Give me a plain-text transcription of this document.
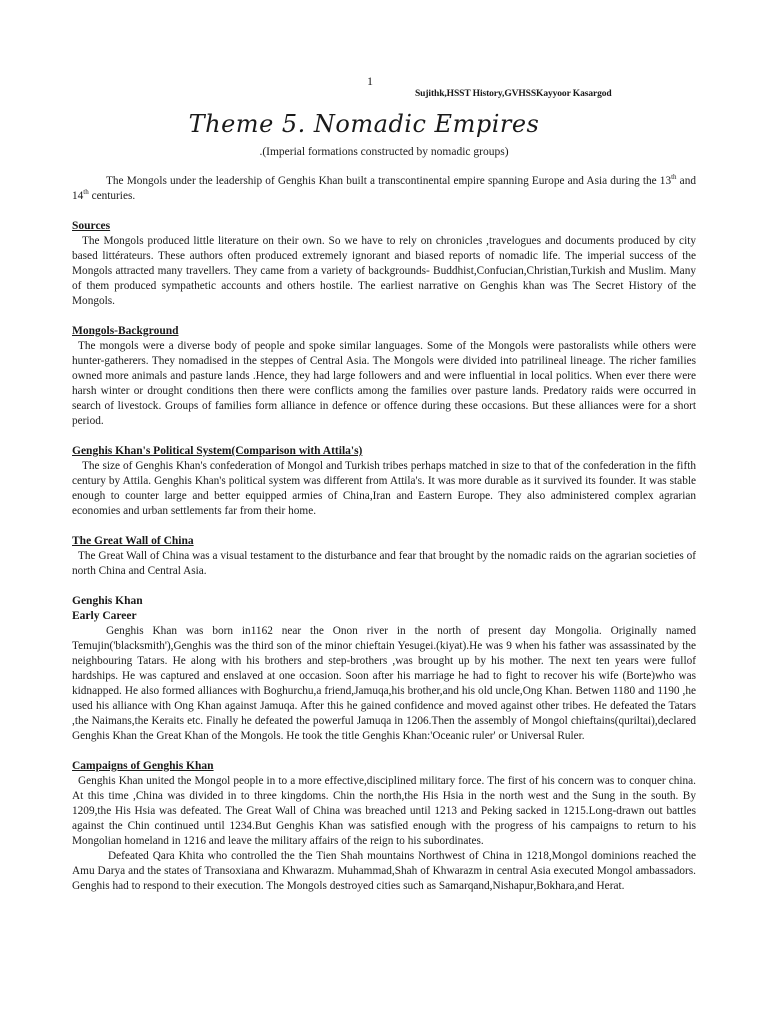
1
Sujithk,HSST History,GVHSSKayyoor Kasargod
Theme 5. Nomadic Empires
.(Imperial formations constructed by nomadic groups)

The Mongols under the leadership of Genghis Khan built a transcontinental empire spanning Europe and Asia during the 13th and 14th centuries.

Sources

The Mongols produced little literature on their own. So we have to rely on chronicles ,travelogues and documents produced by city based littérateurs. These authors often produced extremely ignorant and biased reports of nomadic life. The imperial success of the Mongols attracted many travellers. They came from a variety of backgrounds- Buddhist,Confucian,Christian,Turkish and Muslim. Many of them produced sympathetic accounts and others hostile. The earliest narrative on Genghis khan was The Secret History of the Mongols.

Mongols-Background

The mongols were a diverse body of people and spoke similar languages. Some of the Mongols were pastoralists while others were hunter-gatherers. They nomadised in the steppes of Central Asia. The Mongols were divided into patrilineal lineage. The richer families owned more animals and pasture lands .Hence, they had large followers and and were influential in local politics. When ever there were harsh winter or drought conditions then there were conflicts among the families over pasture lands. Predatory raids were occurred in search of livestock. Groups of families form alliance in defence or offence during these occasions. But these alliances were for a short period.

Genghis Khan's Political System(Comparison with Attila's)

The size of Genghis Khan's confederation of Mongol and Turkish tribes perhaps matched in size to that of the confederation in the fifth century by Attila. Genghis Khan's political system was different from Attila's. It was more durable as it survived its founder. It was stable enough to counter large and better equipped armies of China,Iran and Eastern Europe. They also administered complex agrarian economies and urban settlements far from their home.

The Great Wall of China

The Great Wall of China was a visual testament to the disturbance and fear that brought by the nomadic raids on the agrarian societies of north China and Central Asia.

Genghis Khan

Early Career

Genghis Khan was born in1162 near the Onon river in the north of present day Mongolia. Originally named Temujin('blacksmith'),Genghis was the third son of the minor chieftain Yesugei.(kiyat).He was 9 when his father was assassinated by the neighbouring Tatars. He along with his brothers and step-brothers ,was brought up by his mother. The next ten years were fullof hardships. He was captured and enslaved at one occasion. Soon after his marriage he had to fight to recover his wife (Borte)who was kidnapped. He also formed alliances with Boghurchu,a friend,Jamuqa,his brother,and his old uncle,Ong Khan. Betwen 1180 and 1190 ,he used his alliance with Ong Khan against Jamuqa. After this he gained confidence and moved against other tribes. He defeated the Tatars ,the Naimans,the Keraits etc. Finally he defeated the powerful Jamuqa in 1206.Then the assembly of Mongol chieftains(quriltai),declared Genghis Khan the Great Khan of the Mongols. He took the title Genghis Khan:'Oceanic ruler' or Universal Ruler.

Campaigns of Genghis Khan

Genghis Khan united the Mongol people in to a more effective,disciplined military force. The first of his concern was to conquer china. At this time ,China was divided in to three kingdoms. Chin the north,the His Hsia in the north west and the Sung in the south. By 1209,the His Hsia was defeated. The Great Wall of China was breached until 1213 and Peking sacked in 1215.Long-drawn out battles against the Chin continued until 1234.But Genghis Khan was satisfied enough with the progress of his campaigns to return to his Mongolian homeland in 1216 and leave the military affairs of the reign to his subordinates.

Defeated Qara Khita who controlled the the Tien Shah mountains Northwest of China in 1218,Mongol dominions reached the Amu Darya and the states of Transoxiana and Khwarazm. Muhammad,Shah of Khwarazm in central Asia executed Mongol ambassadors. Genghis had to respond to their execution. The Mongols destroyed cities such as Samarqand,Nishapur,Bokhara,and Herat.
